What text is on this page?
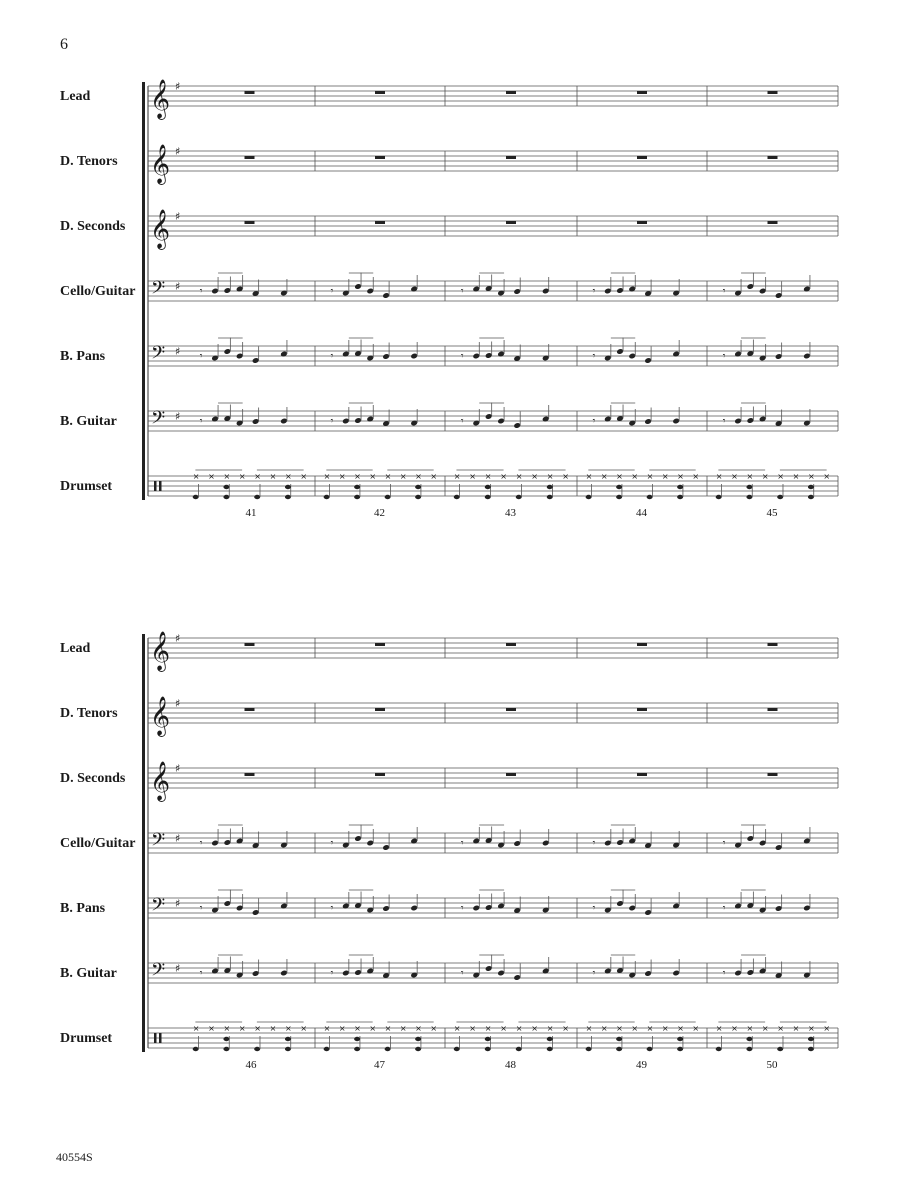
6
40554S
Lead 𝄞 ♯
D. Tenors 𝄞 ♯
D. Seconds 𝄞 ♯
Cello/Guitar 𝄢 ♯ 𝄾	𝄾	𝄾	𝄾	𝄾
B. Pans 𝄢 ♯ 𝄾	𝄾	𝄾	𝄾	𝄾
B. Guitar 𝄢 ♯ 𝄾	𝄾	𝄾	𝄾	𝄾
Drumset
× × × × × × × × × × × × × × × × × × × × × × × × × × × × × × × × × × × × × × × ×
41	42	43	44	45
Lead 𝄞 ♯
D. Tenors 𝄞 ♯
D. Seconds 𝄞 ♯
Cello/Guitar 𝄢 ♯ 𝄾	𝄾	𝄾	𝄾	𝄾
B. Pans 𝄢 ♯ 𝄾	𝄾	𝄾	𝄾	𝄾
B. Guitar 𝄢 ♯ 𝄾	𝄾	𝄾	𝄾	𝄾
Drumset
× × × × × × × × × × × × × × × × × × × × × × × × × × × × × × × × × × × × × × × ×
46	47	48	49	50
